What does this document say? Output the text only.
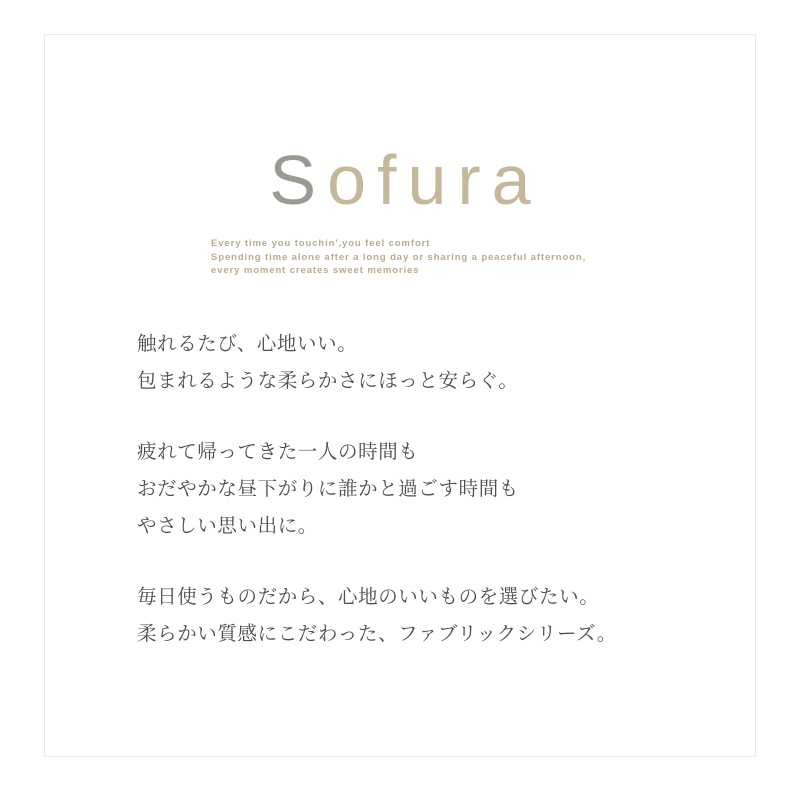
Sofura
Every time you touchin',you feel comfort
Spending time alone after a long day or sharing a peaceful afternoon,
every moment creates sweet memories
触れるたび、心地いい。
包まれるような柔らかさにほっと安らぐ。
疲れて帰ってきた一人の時間も
おだやかな昼下がりに誰かと過ごす時間も
やさしい思い出に。
毎日使うものだから、心地のいいものを選びたい。
柔らかい質感にこだわった、ファブリックシリーズ。
